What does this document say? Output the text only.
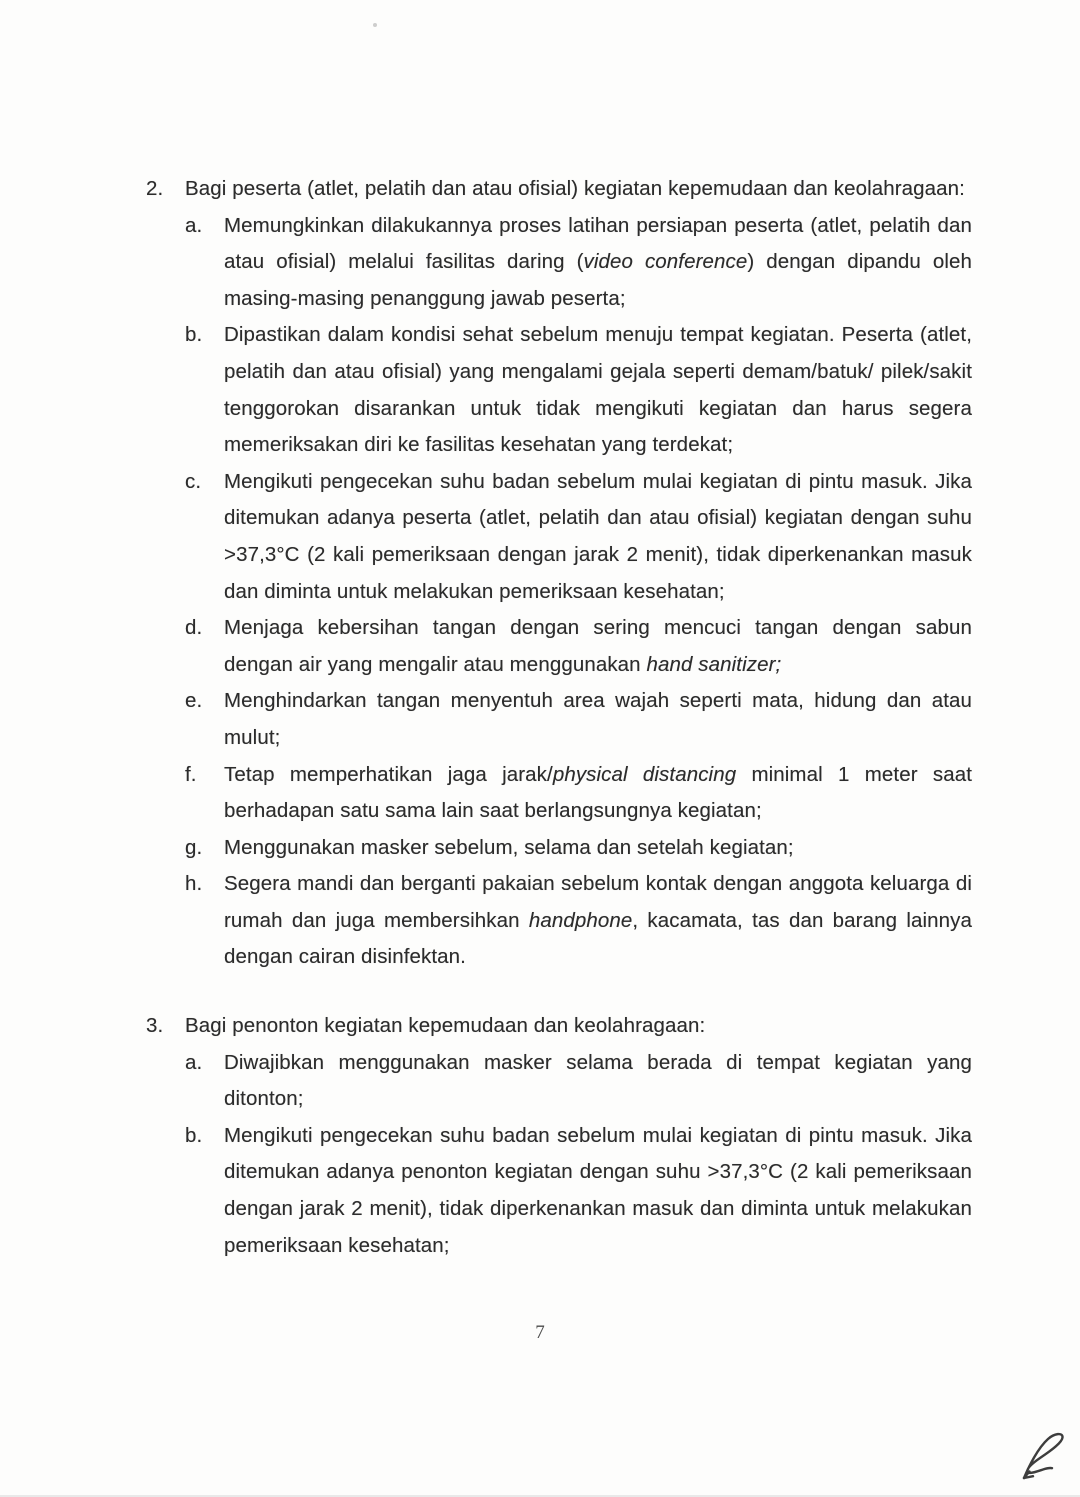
2.	Bagi peserta (atlet, pelatih dan atau ofisial) kegiatan kepemudaan dan keolahragaan:
a.	Memungkinkan dilakukannya proses latihan persiapan peserta (atlet, pelatih dan atau ofisial) melalui fasilitas daring (video conference) dengan dipandu oleh masing-masing penanggung jawab peserta;
b.	Dipastikan dalam kondisi sehat sebelum menuju tempat kegiatan. Peserta (atlet, pelatih dan atau ofisial) yang mengalami gejala seperti demam/batuk/ pilek/sakit tenggorokan disarankan untuk tidak mengikuti kegiatan dan harus segera memeriksakan diri ke fasilitas kesehatan yang terdekat;
c.	Mengikuti pengecekan suhu badan sebelum mulai kegiatan di pintu masuk. Jika ditemukan adanya peserta (atlet, pelatih dan atau ofisial) kegiatan dengan suhu >37,3°C (2 kali pemeriksaan dengan jarak 2 menit), tidak diperkenankan masuk dan diminta untuk melakukan pemeriksaan kesehatan;
d.	Menjaga kebersihan tangan dengan sering mencuci tangan dengan sabun dengan air yang mengalir atau menggunakan hand sanitizer;
e.	Menghindarkan tangan menyentuh area wajah seperti mata, hidung dan atau mulut;
f.	Tetap memperhatikan jaga jarak/physical distancing minimal 1 meter saat berhadapan satu sama lain saat berlangsungnya kegiatan;
g.	Menggunakan masker sebelum, selama dan setelah kegiatan;
h.	Segera mandi dan berganti pakaian sebelum kontak dengan anggota keluarga di rumah dan juga membersihkan handphone, kacamata, tas dan barang lainnya dengan cairan disinfektan.
3.	Bagi penonton kegiatan kepemudaan dan keolahragaan:
a.	Diwajibkan menggunakan masker selama berada di tempat kegiatan yang ditonton;
b.	Mengikuti pengecekan suhu badan sebelum mulai kegiatan di pintu masuk. Jika ditemukan adanya penonton kegiatan dengan suhu >37,3°C (2 kali pemeriksaan dengan jarak 2 menit), tidak diperkenankan masuk dan diminta untuk melakukan pemeriksaan kesehatan;
7
